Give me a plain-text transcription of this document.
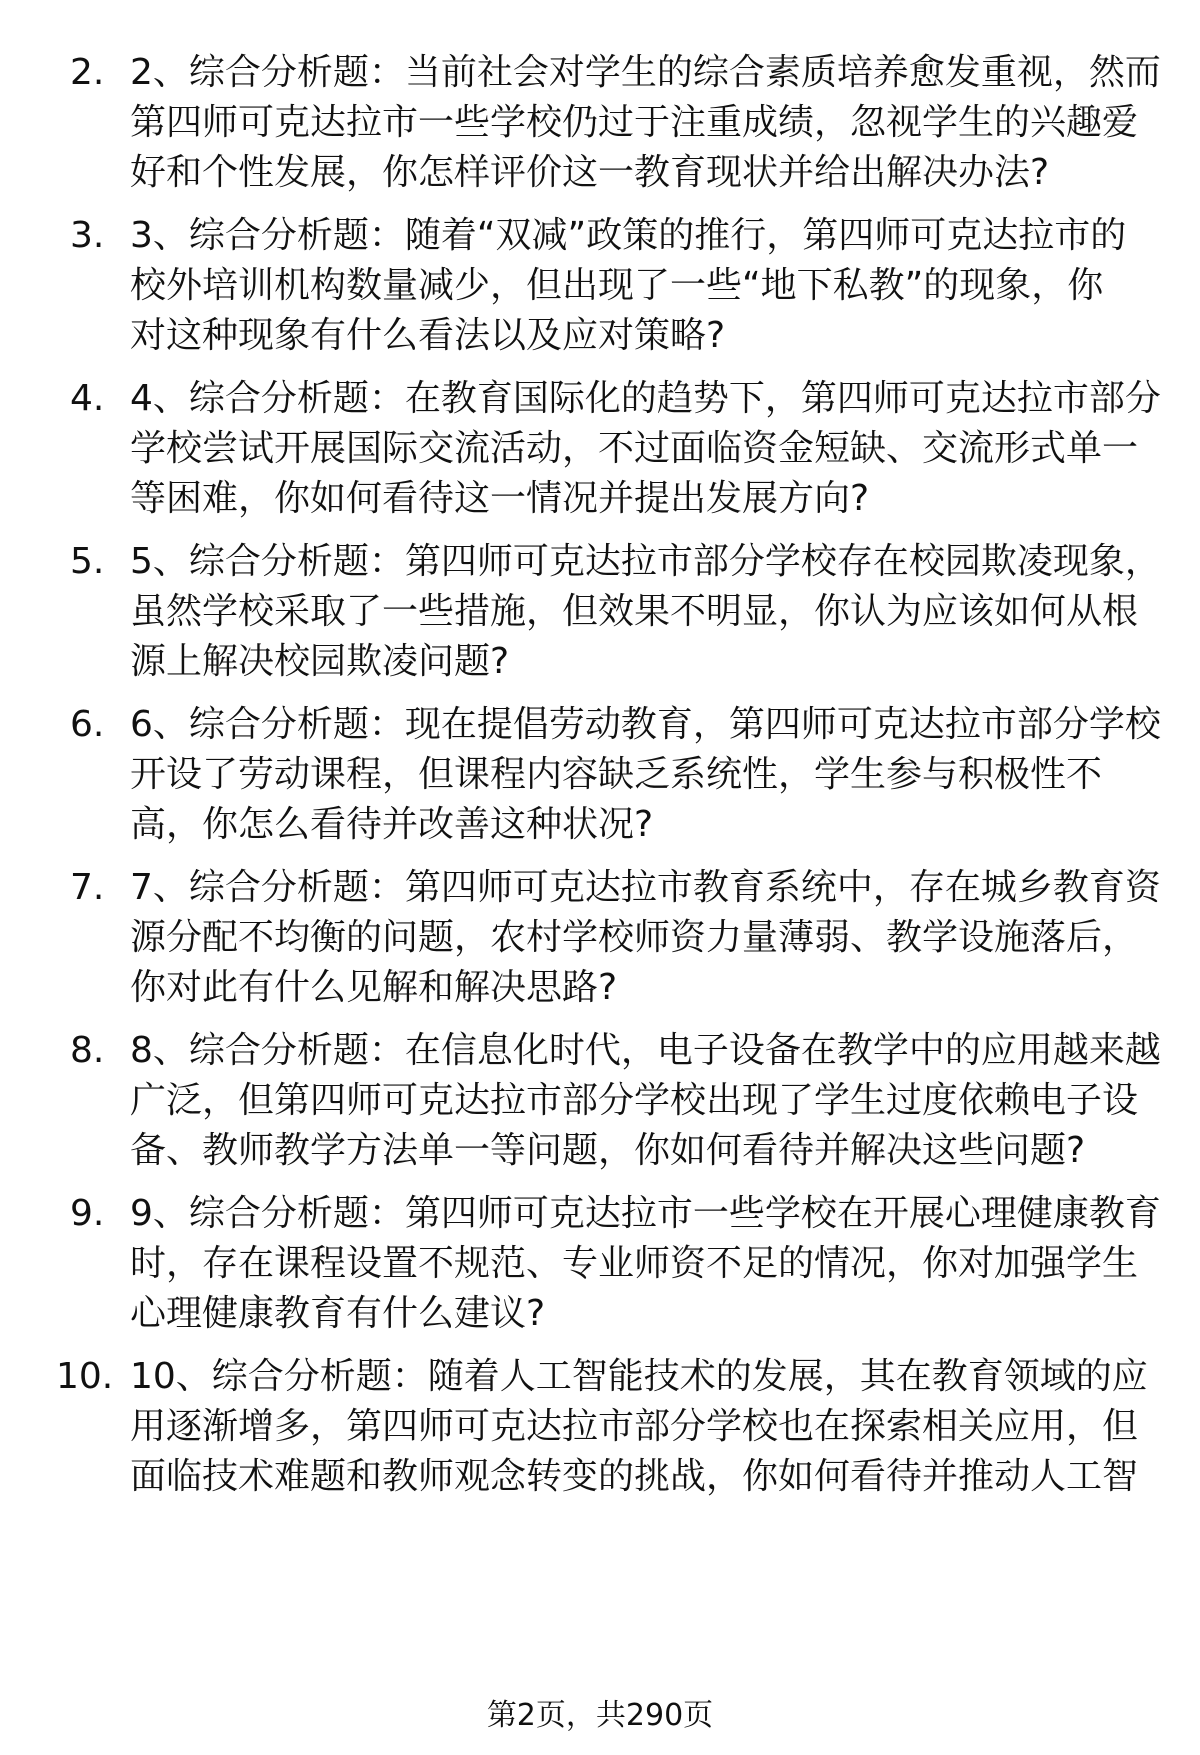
2. 2、综合分析题：当前社会对学生的综合素质培养愈发重视，然而
第四师可克达拉市一些学校仍过于注重成绩，忽视学生的兴趣爱
好和个性发展，你怎样评价这一教育现状并给出解决办法?

3. 3、综合分析题：随着“双减”政策的推行，第四师可克达拉市的
校外培训机构数量减少，但出现了一些“地下私教”的现象，你
对这种现象有什么看法以及应对策略?

4. 4、综合分析题：在教育国际化的趋势下，第四师可克达拉市部分
学校尝试开展国际交流活动，不过面临资金短缺、交流形式单一
等困难，你如何看待这一情况并提出发展方向?

5. 5、综合分析题：第四师可克达拉市部分学校存在校园欺凌现象，
虽然学校采取了一些措施，但效果不明显，你认为应该如何从根
源上解决校园欺凌问题?

6. 6、综合分析题：现在提倡劳动教育，第四师可克达拉市部分学校
开设了劳动课程，但课程内容缺乏系统性，学生参与积极性不
高，你怎么看待并改善这种状况?

7. 7、综合分析题：第四师可克达拉市教育系统中，存在城乡教育资
源分配不均衡的问题，农村学校师资力量薄弱、教学设施落后，
你对此有什么见解和解决思路?

8. 8、综合分析题：在信息化时代，电子设备在教学中的应用越来越
广泛，但第四师可克达拉市部分学校出现了学生过度依赖电子设
备、教师教学方法单一等问题，你如何看待并解决这些问题?

9. 9、综合分析题：第四师可克达拉市一些学校在开展心理健康教育
时，存在课程设置不规范、专业师资不足的情况，你对加强学生
心理健康教育有什么建议?

10. 10、综合分析题：随着人工智能技术的发展，其在教育领域的应
用逐渐增多，第四师可克达拉市部分学校也在探索相关应用，但
面临技术难题和教师观念转变的挑战，你如何看待并推动人工智

第2页，共290页
